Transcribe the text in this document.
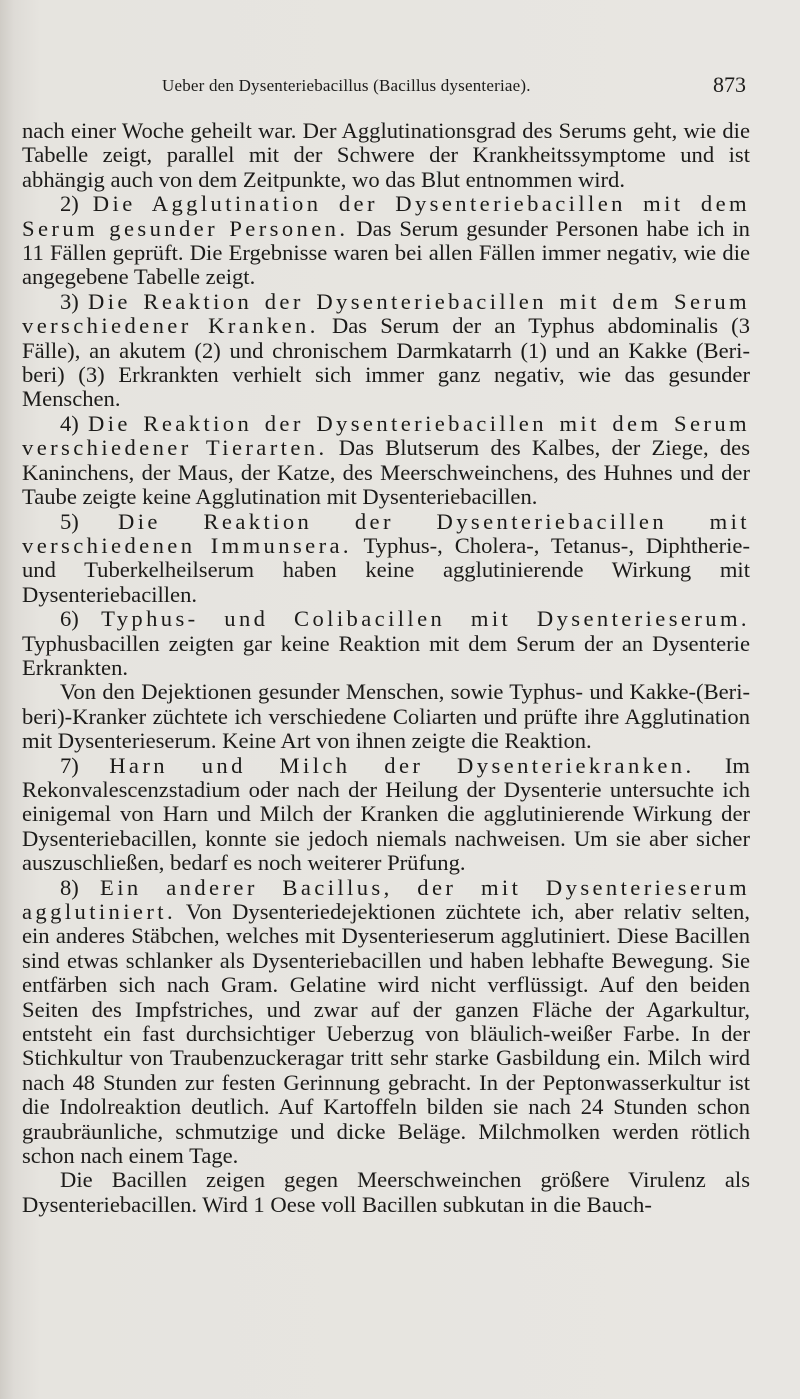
Ueber den Dysenteriebacillus (Bacillus dysenteriae).	873

nach einer Woche geheilt war. Der Agglutinationsgrad des Serums geht, wie die Tabelle zeigt, parallel mit der Schwere der Krankheitssymptome und ist abhängig auch von dem Zeitpunkte, wo das Blut entnommen wird.

2) Die Agglutination der Dysenteriebacillen mit dem Serum gesunder Personen. Das Serum gesunder Personen habe ich in 11 Fällen geprüft. Die Ergebnisse waren bei allen Fällen immer negativ, wie die angegebene Tabelle zeigt.

3) Die Reaktion der Dysenteriebacillen mit dem Serum verschiedener Kranken. Das Serum der an Typhus abdominalis (3 Fälle), an akutem (2) und chronischem Darmkatarrh (1) und an Kakke (Beri-beri) (3) Erkrankten verhielt sich immer ganz negativ, wie das gesunder Menschen.

4) Die Reaktion der Dysenteriebacillen mit dem Serum verschiedener Tierarten. Das Blutserum des Kalbes, der Ziege, des Kaninchens, der Maus, der Katze, des Meerschweinchens, des Huhnes und der Taube zeigte keine Agglutination mit Dysenteriebacillen.

5) Die Reaktion der Dysenteriebacillen mit verschiedenen Immunsera. Typhus-, Cholera-, Tetanus-, Diphtherie- und Tuberkelheilserum haben keine agglutinierende Wirkung mit Dysenteriebacillen.

6) Typhus- und Colibacillen mit Dysenterieserum. Typhusbacillen zeigten gar keine Reaktion mit dem Serum der an Dysenterie Erkrankten.

Von den Dejektionen gesunder Menschen, sowie Typhus- und Kakke-(Beri-beri)-Kranker züchtete ich verschiedene Coliarten und prüfte ihre Agglutination mit Dysenterieserum. Keine Art von ihnen zeigte die Reaktion.

7) Harn und Milch der Dysenteriekranken. Im Rekonvalescenzstadium oder nach der Heilung der Dysenterie untersuchte ich einigemal von Harn und Milch der Kranken die agglutinierende Wirkung der Dysenteriebacillen, konnte sie jedoch niemals nachweisen. Um sie aber sicher auszuschließen, bedarf es noch weiterer Prüfung.

8) Ein anderer Bacillus, der mit Dysenterieserum agglutiniert. Von Dysenteriedejektionen züchtete ich, aber relativ selten, ein anderes Stäbchen, welches mit Dysenterieserum agglutiniert. Diese Bacillen sind etwas schlanker als Dysenteriebacillen und haben lebhafte Bewegung. Sie entfärben sich nach Gram. Gelatine wird nicht verflüssigt. Auf den beiden Seiten des Impfstriches, und zwar auf der ganzen Fläche der Agarkultur, entsteht ein fast durchsichtiger Ueberzug von bläulich-weißer Farbe. In der Stichkultur von Traubenzuckeragar tritt sehr starke Gasbildung ein. Milch wird nach 48 Stunden zur festen Gerinnung gebracht. In der Peptonwasserkultur ist die Indolreaktion deutlich. Auf Kartoffeln bilden sie nach 24 Stunden schon graubräunliche, schmutzige und dicke Beläge. Milchmolken werden rötlich schon nach einem Tage.

Die Bacillen zeigen gegen Meerschweinchen größere Virulenz als Dysenteriebacillen. Wird 1 Oese voll Bacillen subkutan in die Bauch-
